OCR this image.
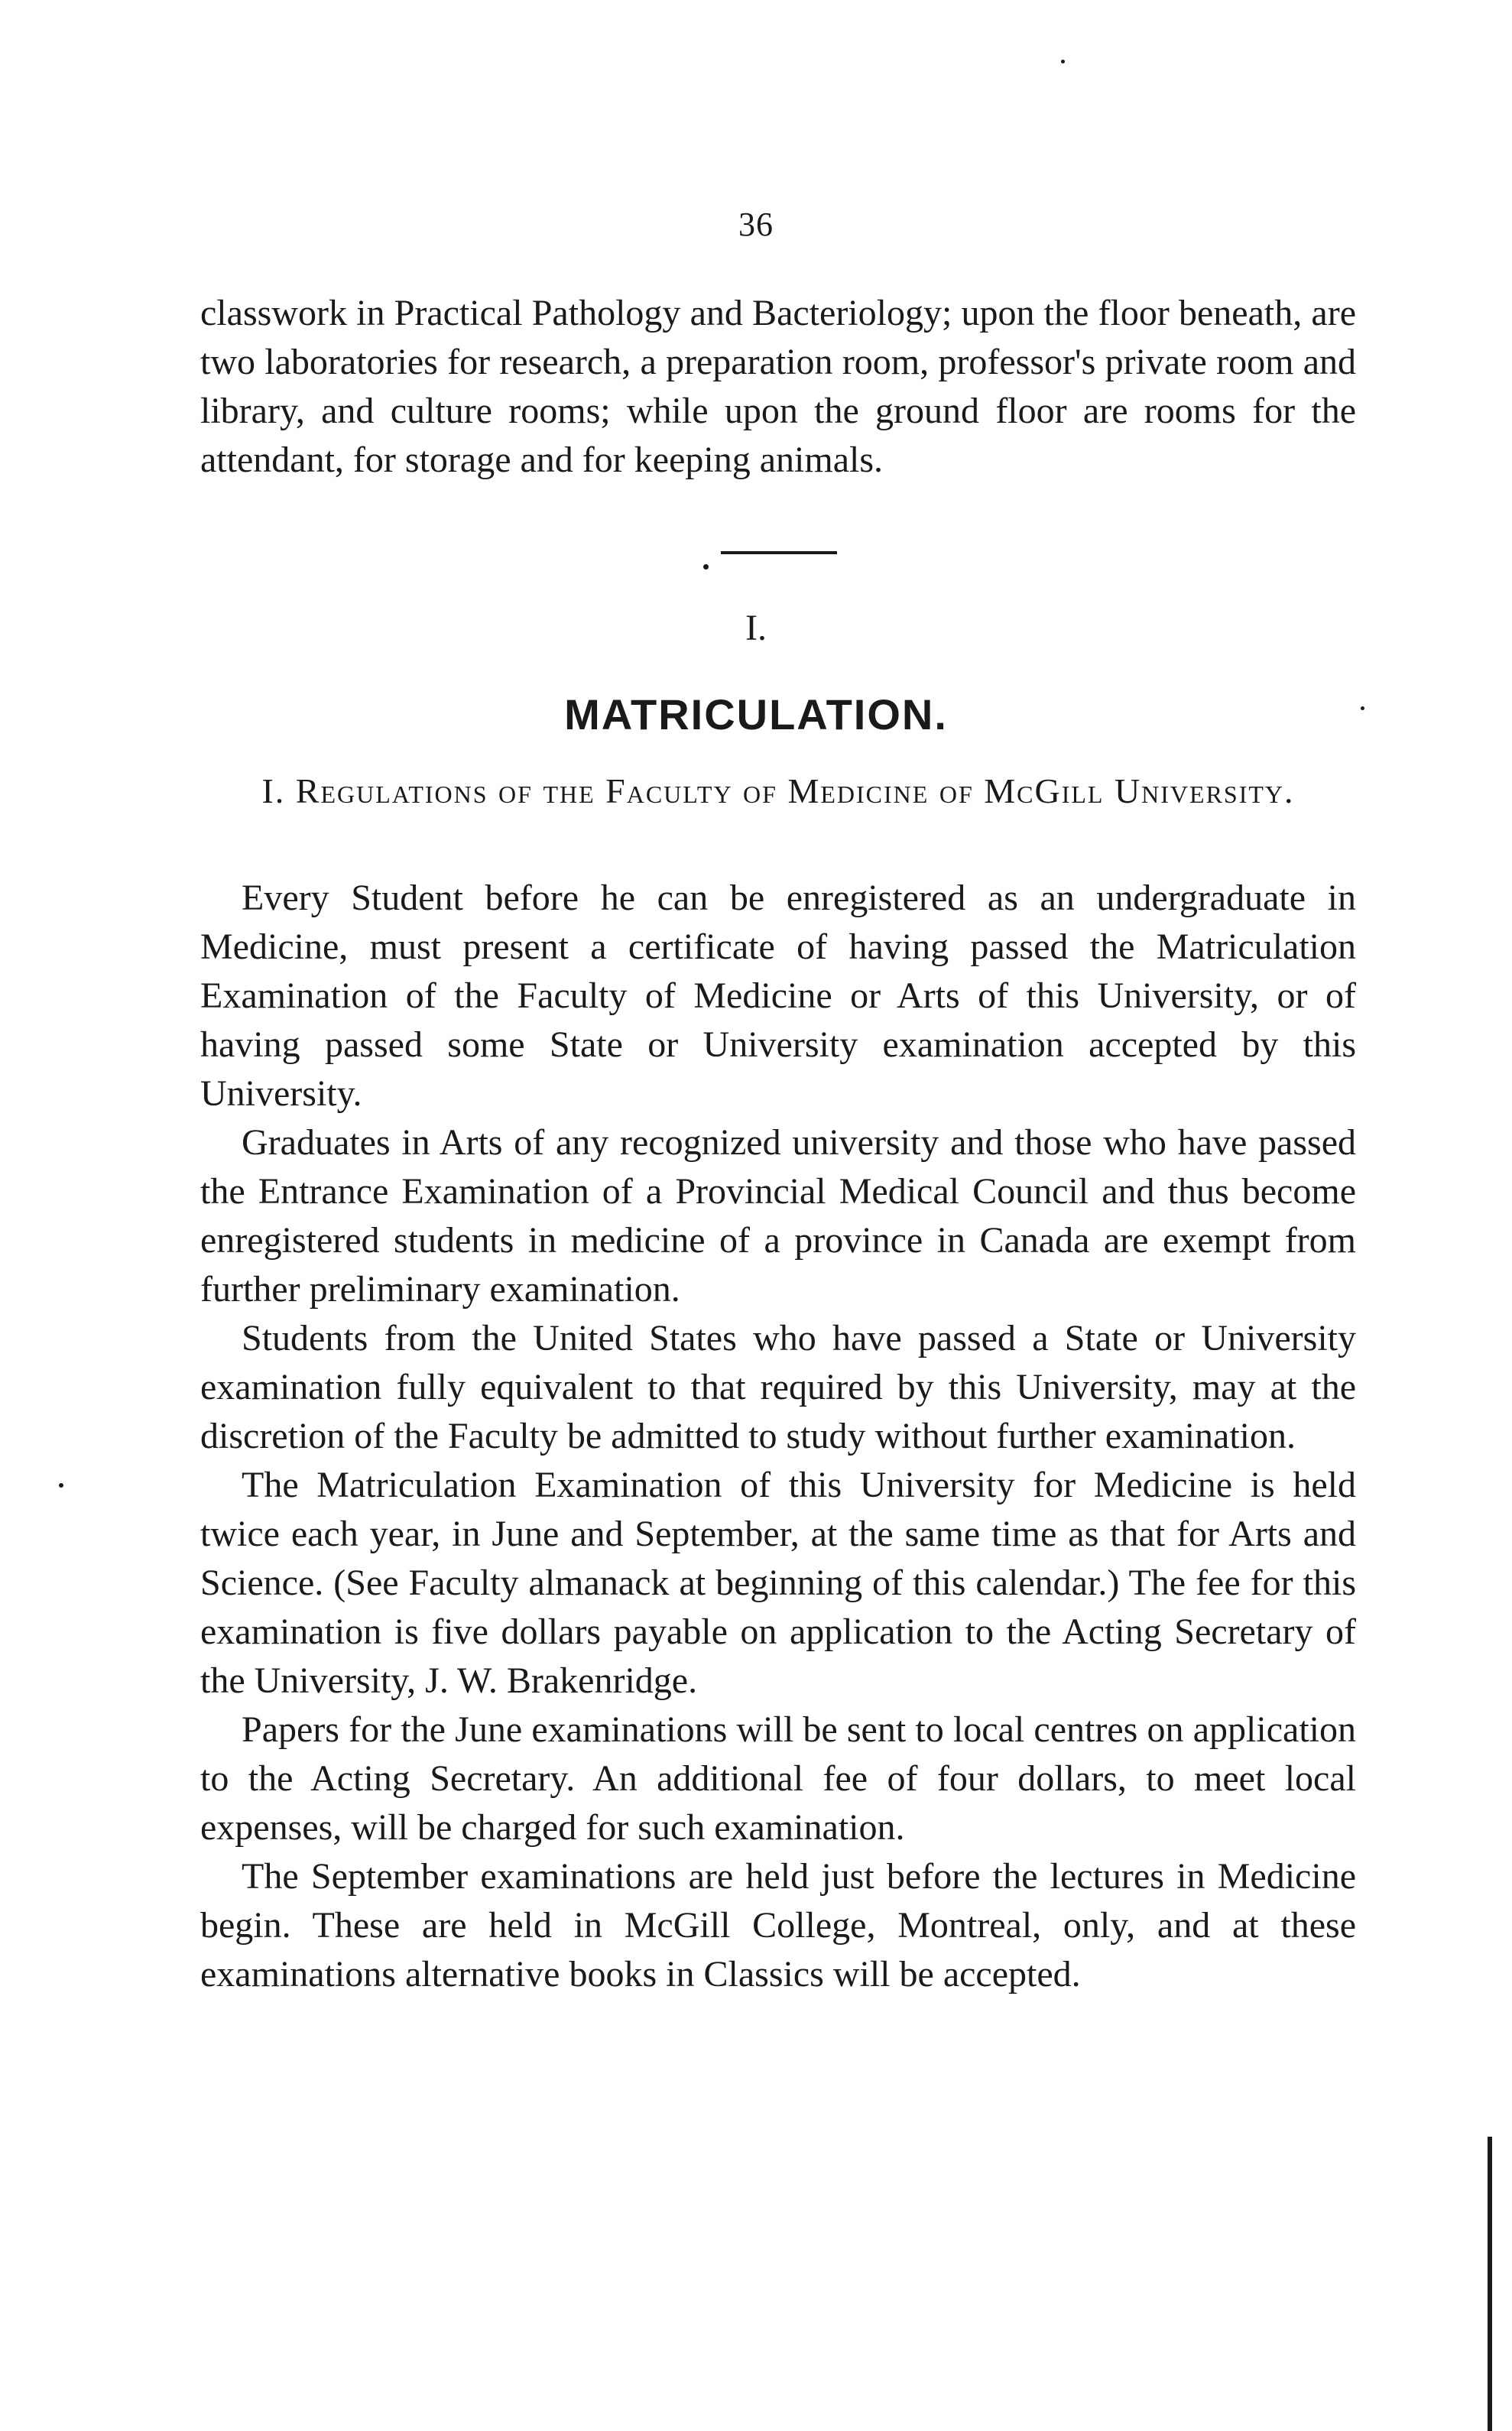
36
classwork in Practical Pathology and Bacteriology; upon the floor beneath, are two laboratories for research, a preparation room, professor's private room and library, and culture rooms; while upon the ground floor are rooms for the attendant, for storage and for keeping animals.
I.
MATRICULATION.
I. Regulations of the Faculty of Medicine of McGill University.

Every Student before he can be enregistered as an undergraduate in Medicine, must present a certificate of having passed the Matriculation Examination of the Faculty of Medicine or Arts of this University, or of having passed some State or University examination accepted by this University.

Graduates in Arts of any recognized university and those who have passed the Entrance Examination of a Provincial Medical Council and thus become enregistered students in medicine of a province in Canada are exempt from further preliminary examination.

Students from the United States who have passed a State or University examination fully equivalent to that required by this University, may at the discretion of the Faculty be admitted to study without further examination.

The Matriculation Examination of this University for Medicine is held twice each year, in June and September, at the same time as that for Arts and Science. (See Faculty almanack at beginning of this calendar.) The fee for this examination is five dollars payable on application to the Acting Secretary of the University, J. W. Brakenridge.

Papers for the June examinations will be sent to local centres on application to the Acting Secretary. An additional fee of four dollars, to meet local expenses, will be charged for such examination.

The September examinations are held just before the lectures in Medicine begin. These are held in McGill College, Montreal, only, and at these examinations alternative books in Classics will be accepted.
